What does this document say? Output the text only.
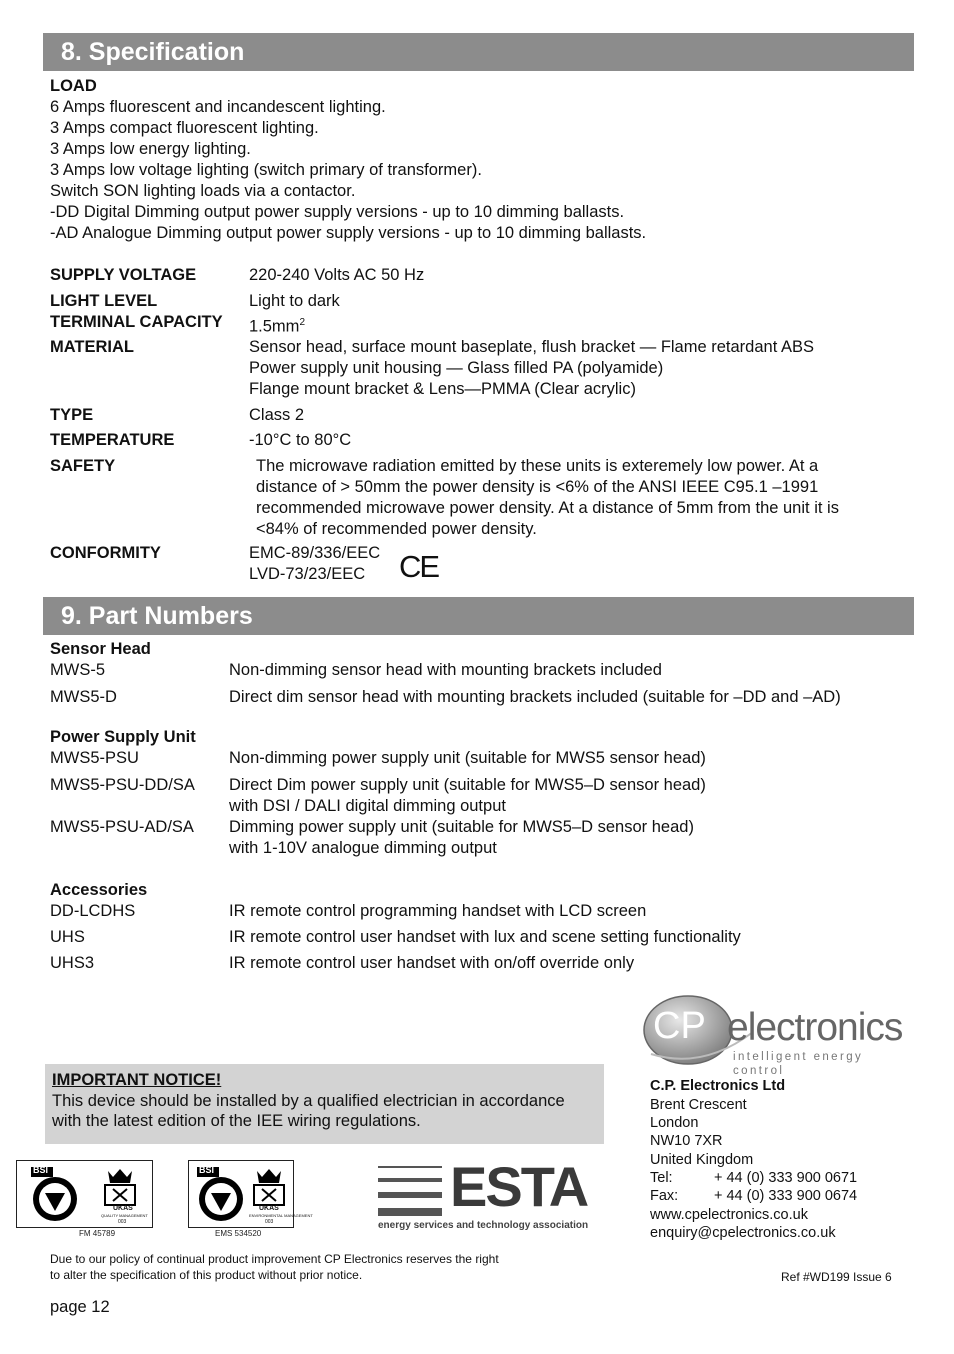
8. Specification
LOAD
6 Amps fluorescent and incandescent lighting.
3 Amps compact fluorescent lighting.
3 Amps low energy lighting.
3 Amps low voltage lighting (switch primary of transformer).
Switch SON lighting loads via a contactor.
-DD Digital Dimming output power supply versions - up to 10 dimming ballasts.
-AD Analogue Dimming output power supply versions - up to 10 dimming ballasts.
SUPPLY VOLTAGE	220-240 Volts AC 50 Hz
LIGHT LEVEL	Light to dark
TERMINAL CAPACITY $1.5mm^2$
MATERIAL	Sensor head, surface mount baseplate, flush bracket — Flame retardant ABS
Power supply unit housing — Glass filled PA (polyamide)
Flange mount bracket & Lens—PMMA (Clear acrylic)
TYPE	Class 2
TEMPERATURE	-10°C to 80°C
SAFETY	The microwave radiation emitted by these units is exteremely low power. At a
distance of > 50mm the power density is <6% of the ANSI IEEE C95.1 –1991
recommended microwave power density. At a distance of 5mm from the unit it is
<84% of recommended power density.
CONFORMITY	EMC-89/336/EEC
LVD-73/23/EEC CE
9. Part Numbers
Sensor Head
MWS-5	Non-dimming sensor head with mounting brackets included
MWS5-D	Direct dim sensor head with mounting brackets included (suitable for –DD and –AD)
Power Supply Unit
MWS5-PSU	Non-dimming power supply unit (suitable for MWS5 sensor head)
MWS5-PSU-DD/SA Direct Dim power supply unit (suitable for MWS5–D sensor head)
with DSI / DALI digital dimming output
MWS5-PSU-AD/SA Dimming power supply unit (suitable for MWS5–D sensor head)
with 1-10V analogue dimming output
Accessories
DD-LCDHS	IR remote control programming handset with LCD screen
UHS	IR remote control user handset with lux and scene setting functionality
UHS3	IR remote control user handset with on/off override only
CP electronics
intelligent energy control
IMPORTANT NOTICE!
This device should be installed by a qualified electrician in accordance with the latest edition of the IEE wiring regulations.
C.P. Electronics Ltd
Brent Crescent
London
NW10 7XR
United Kingdom
Tel:	+ 44 (0) 333 900 0671
Fax: + 44 (0) 333 900 0674
www.cpelectronics.co.uk
enquiry@cpelectronics.co.uk
BSI
UKAS
QUALITY MANAGEMENT
003
FM 45789
BSI
UKAS
ENVIRONMENTAL MANAGEMENT
003
EMS 534520
ESTA
energy services and technology association
Due to our policy of continual product improvement CP Electronics reserves the right
to alter the specification of this product without prior notice.	Ref #WD199 Issue 6
page 12
